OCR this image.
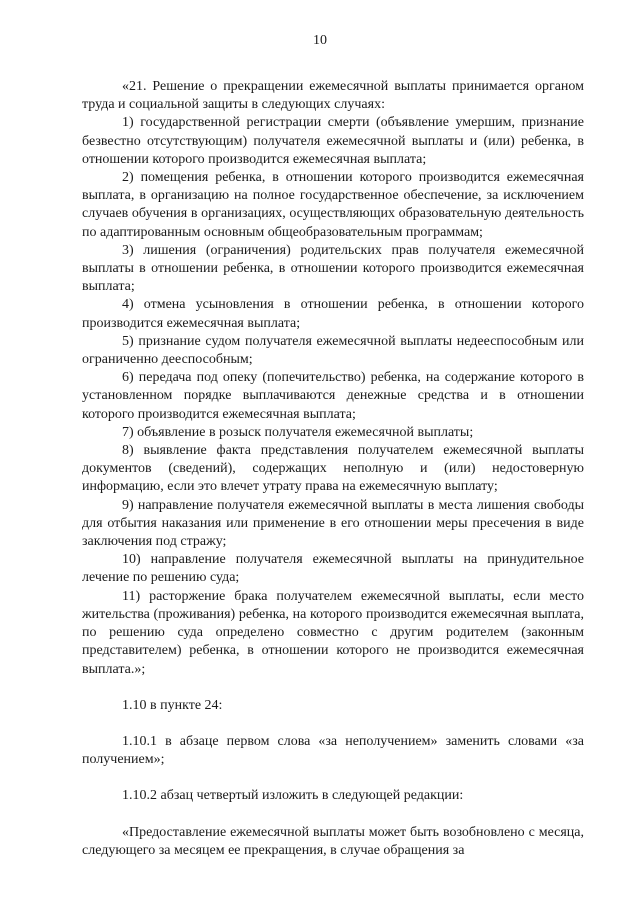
10

«21. Решение о прекращении ежемесячной выплаты принимается органом труда и социальной защиты в следующих случаях:

1) государственной регистрации смерти (объявление умершим, признание безвестно отсутствующим) получателя ежемесячной выплаты и (или) ребенка, в отношении которого производится ежемесячная выплата;

2) помещения ребенка, в отношении которого производится ежемесячная выплата, в организацию на полное государственное обеспечение, за исключением случаев обучения в организациях, осуществляющих образовательную деятельность по адаптированным основным общеобразовательным программам;

3) лишения (ограничения) родительских прав получателя ежемесячной выплаты в отношении ребенка, в отношении которого производится ежемесячная выплата;

4) отмена усыновления в отношении ребенка, в отношении которого производится ежемесячная выплата;

5) признание судом получателя ежемесячной выплаты недееспособным или ограниченно дееспособным;

6) передача под опеку (попечительство) ребенка, на содержание которого в установленном порядке выплачиваются денежные средства и в отношении которого производится ежемесячная выплата;

7) объявление в розыск получателя ежемесячной выплаты;

8) выявление факта представления получателем ежемесячной выплаты документов (сведений), содержащих неполную и (или) недостоверную информацию, если это влечет утрату права на ежемесячную выплату;

9) направление получателя ежемесячной выплаты в места лишения свободы для отбытия наказания или применение в его отношении меры пресечения в виде заключения под стражу;

10) направление получателя ежемесячной выплаты на принудительное лечение по решению суда;

11) расторжение брака получателем ежемесячной выплаты, если место жительства (проживания) ребенка, на которого производится ежемесячная выплата, по решению суда определено совместно с другим родителем (законным представителем) ребенка, в отношении которого не производится ежемесячная выплата.»;

1.10 в пункте 24:

1.10.1 в абзаце первом слова «за неполучением» заменить словами «за получением»;

1.10.2 абзац четвертый изложить в следующей редакции:

«Предоставление ежемесячной выплаты может быть возобновлено с месяца, следующего за месяцем ее прекращения, в случае обращения за
